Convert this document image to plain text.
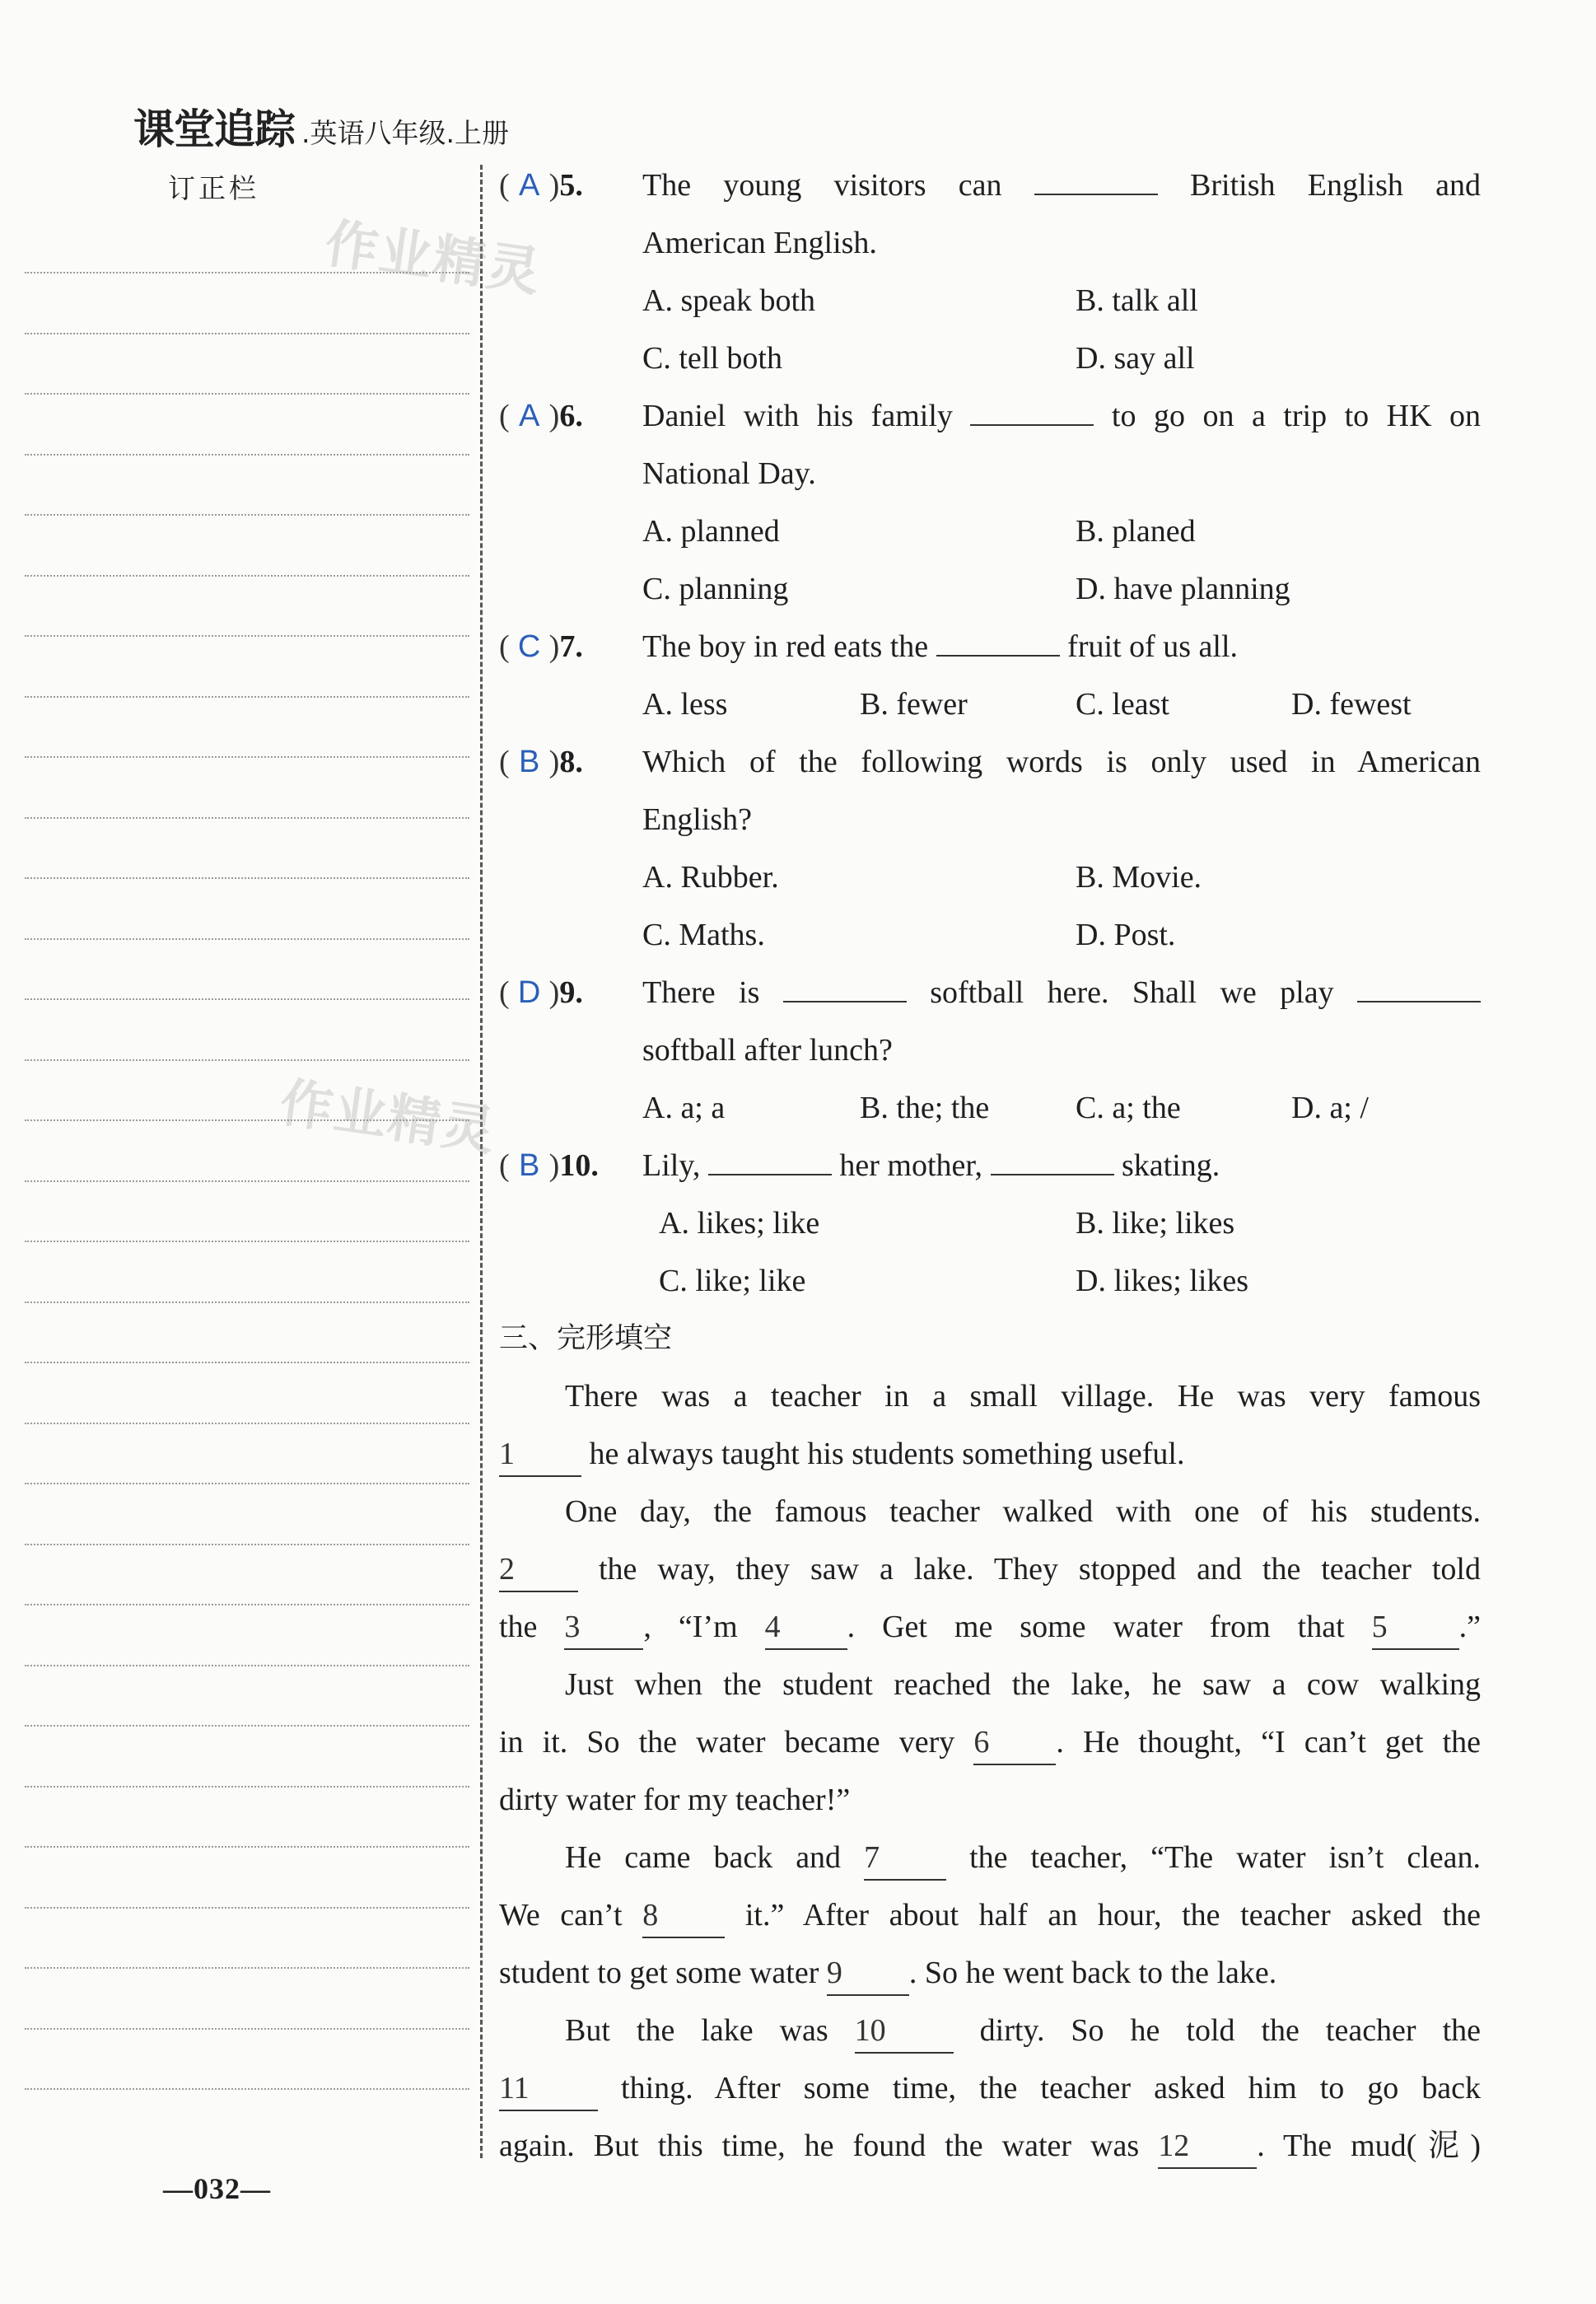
课堂追踪 .英语八年级.上册
订正栏
作业精灵
作业精灵
( A )5. The young visitors can	British English and
American English.
A. speak both	B. talk all
C. tell both	D. say all
( A )6. Daniel with his family	to go on a trip to HK on
National Day.
A. planned	B. planed
C. planning	D. have planning
( C )7. The boy in red eats the	fruit of us all.
A. less	B. fewer	C. least	D. fewest
( B )8. Which of the following words is only used in American
English?
A. Rubber.	B. Movie.
C. Maths.	D. Post.
( D )9. There is	softball here. Shall we play
softball after lunch?
A. a; a	B. the; the	C. a; the	D. a; /
( B )10. Lily,	her mother,	skating.
A. likes; like	B. like; likes
C. like; like	D. likes; likes
三、完形填空
There was a teacher in a small village. He was very famous
1 he always taught his students something useful.
One day, the famous teacher walked with one of his students.
2	the way, they saw a lake. They stopped and the teacher told
the 3 , “I’m 4 . Get me some water from that 5 .”
Just when the student reached the lake, he saw a cow walking
in it. So the water became very 6 . He thought, “I can’t get the
dirty water for my teacher!”
He came back and 7	the teacher, “The water isn’t clean.
We can’t 8	it.” After about half an hour, the teacher asked the
student to get some water 9 . So he went back to the lake.
But the lake was 10	dirty. So he told the teacher the
11	thing. After some time, the teacher asked him to go back
again. But this time, he found the water was 12 . The mud(泥)
—032—
